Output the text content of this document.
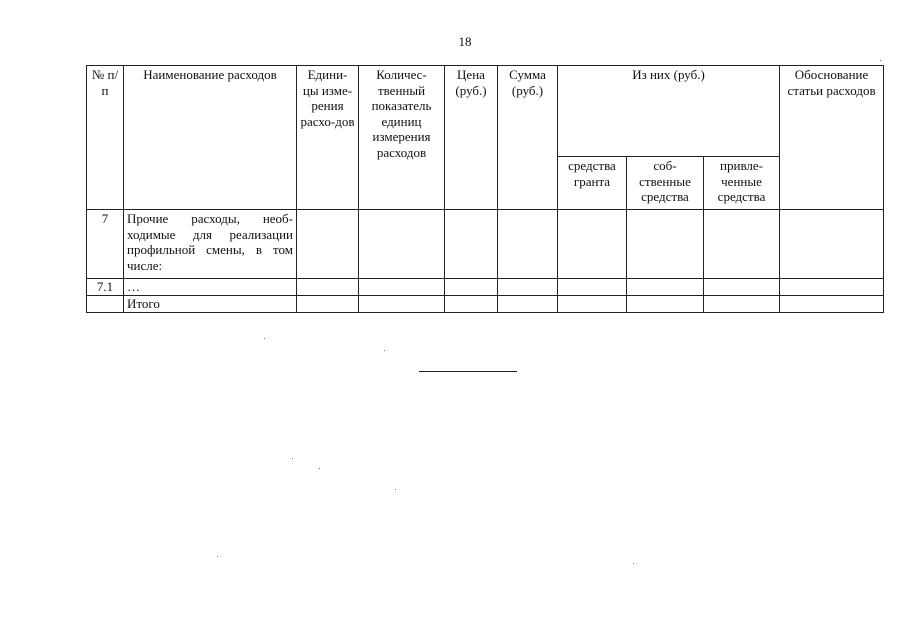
18
№ п/п	Наименование расходов	Едини-цы изме-рения расхо-дов	Количес-твенный показатель единиц измерения расходов	Цена (руб.)	Сумма (руб.)	Из них (руб.)			Обоснование статьи расходов
						средства гранта	соб-ственные средства	привле-ченные средства	
7	Прочие расходы, необ-ходимые для реализации профильной смены, в том числе:								
7.1	…								
	Итого								
